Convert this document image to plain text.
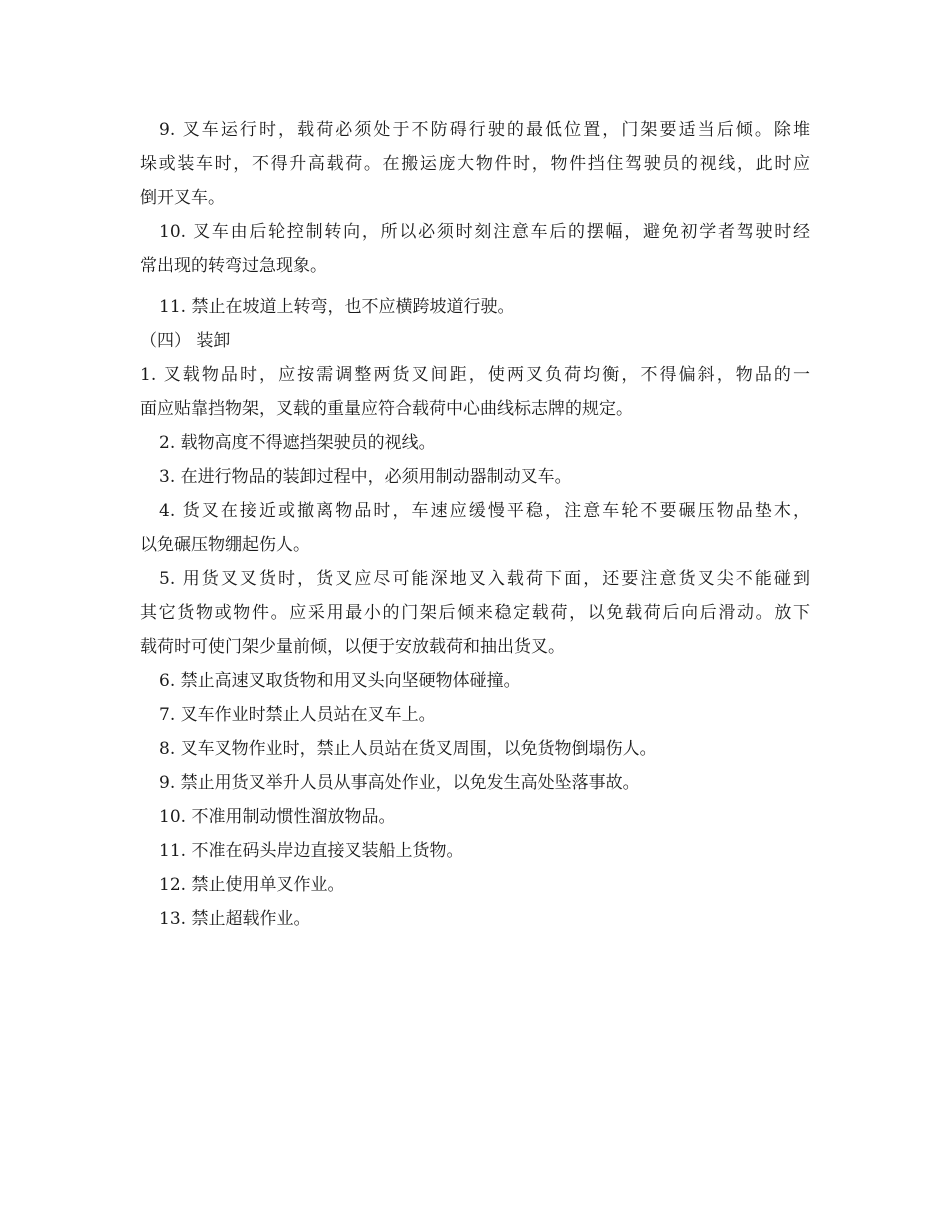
9. 叉车运行时，载荷必须处于不防碍行驶的最低位置，门架要适当后倾。除堆
垛或装车时，不得升高载荷。在搬运庞大物件时，物件挡住驾驶员的视线，此时应
倒开叉车。
10. 叉车由后轮控制转向，所以必须时刻注意车后的摆幅，避免初学者驾驶时经
常出现的转弯过急现象。
11. 禁止在坡道上转弯，也不应横跨坡道行驶。
（四） 装卸
1. 叉载物品时，应按需调整两货叉间距，使两叉负荷均衡，不得偏斜，物品的一
面应贴靠挡物架，叉载的重量应符合载荷中心曲线标志牌的规定。
2. 载物高度不得遮挡架驶员的视线。
3. 在进行物品的装卸过程中，必须用制动器制动叉车。
4. 货叉在接近或撤离物品时，车速应缓慢平稳，注意车轮不要碾压物品垫木，
以免碾压物绷起伤人。
5. 用货叉叉货时，货叉应尽可能深地叉入载荷下面，还要注意货叉尖不能碰到
其它货物或物件。应采用最小的门架后倾来稳定载荷，以免载荷后向后滑动。放下
载荷时可使门架少量前倾，以便于安放载荷和抽出货叉。
6. 禁止高速叉取货物和用叉头向坚硬物体碰撞。
7. 叉车作业时禁止人员站在叉车上。
8. 叉车叉物作业时，禁止人员站在货叉周围，以免货物倒塌伤人。
9. 禁止用货叉举升人员从事高处作业，以免发生高处坠落事故。
10. 不准用制动惯性溜放物品。
11. 不准在码头岸边直接叉装船上货物。
12. 禁止使用单叉作业。
13. 禁止超载作业。
